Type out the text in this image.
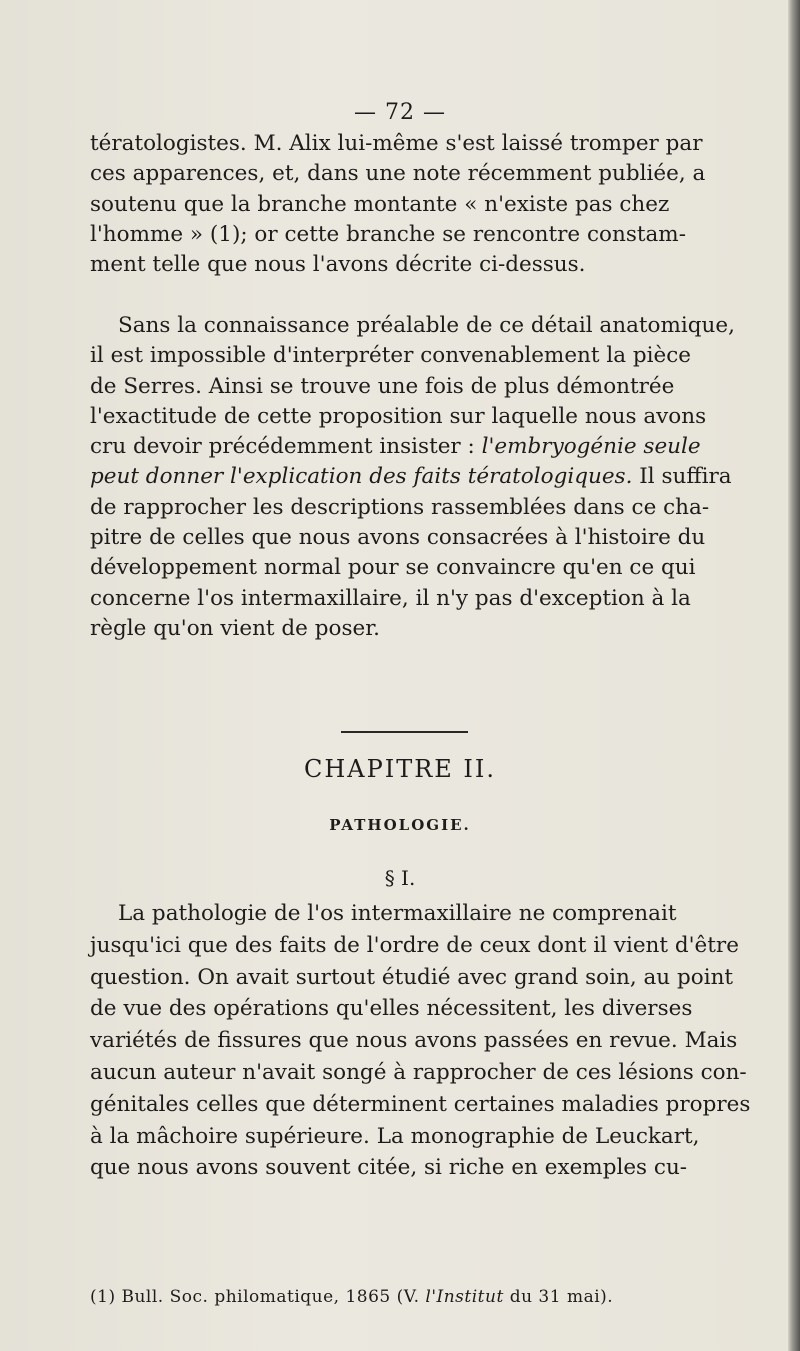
— 72 —

tératologistes. M. Alix lui-même s'est laissé tromper par
ces apparences, et, dans une note récemment publiée, a
soutenu que la branche montante « n'existe pas chez
l'homme » (1); or cette branche se rencontre constam-
ment telle que nous l'avons décrite ci-dessus.

Sans la connaissance préalable de ce détail anatomique,
il est impossible d'interpréter convenablement la pièce
de Serres. Ainsi se trouve une fois de plus démontrée
l'exactitude de cette proposition sur laquelle nous avons
cru devoir précédemment insister : l'embryogénie seule
peut donner l'explication des faits tératologiques. Il suffira
de rapprocher les descriptions rassemblées dans ce cha-
pitre de celles que nous avons consacrées à l'histoire du
développement normal pour se convaincre qu'en ce qui
concerne l'os intermaxillaire, il n'y pas d'exception à la
règle qu'on vient de poser.

CHAPITRE II.
PATHOLOGIE.
§ I.

La pathologie de l'os intermaxillaire ne comprenait
jusqu'ici que des faits de l'ordre de ceux dont il vient d'être
question. On avait surtout étudié avec grand soin, au point
de vue des opérations qu'elles nécessitent, les diverses
variétés de fissures que nous avons passées en revue. Mais
aucun auteur n'avait songé à rapprocher de ces lésions con-
génitales celles que déterminent certaines maladies propres
à la mâchoire supérieure. La monographie de Leuckart,
que nous avons souvent citée, si riche en exemples cu-

(1) Bull. Soc. philomatique, 1865 (V. l'Institut du 31 mai).
